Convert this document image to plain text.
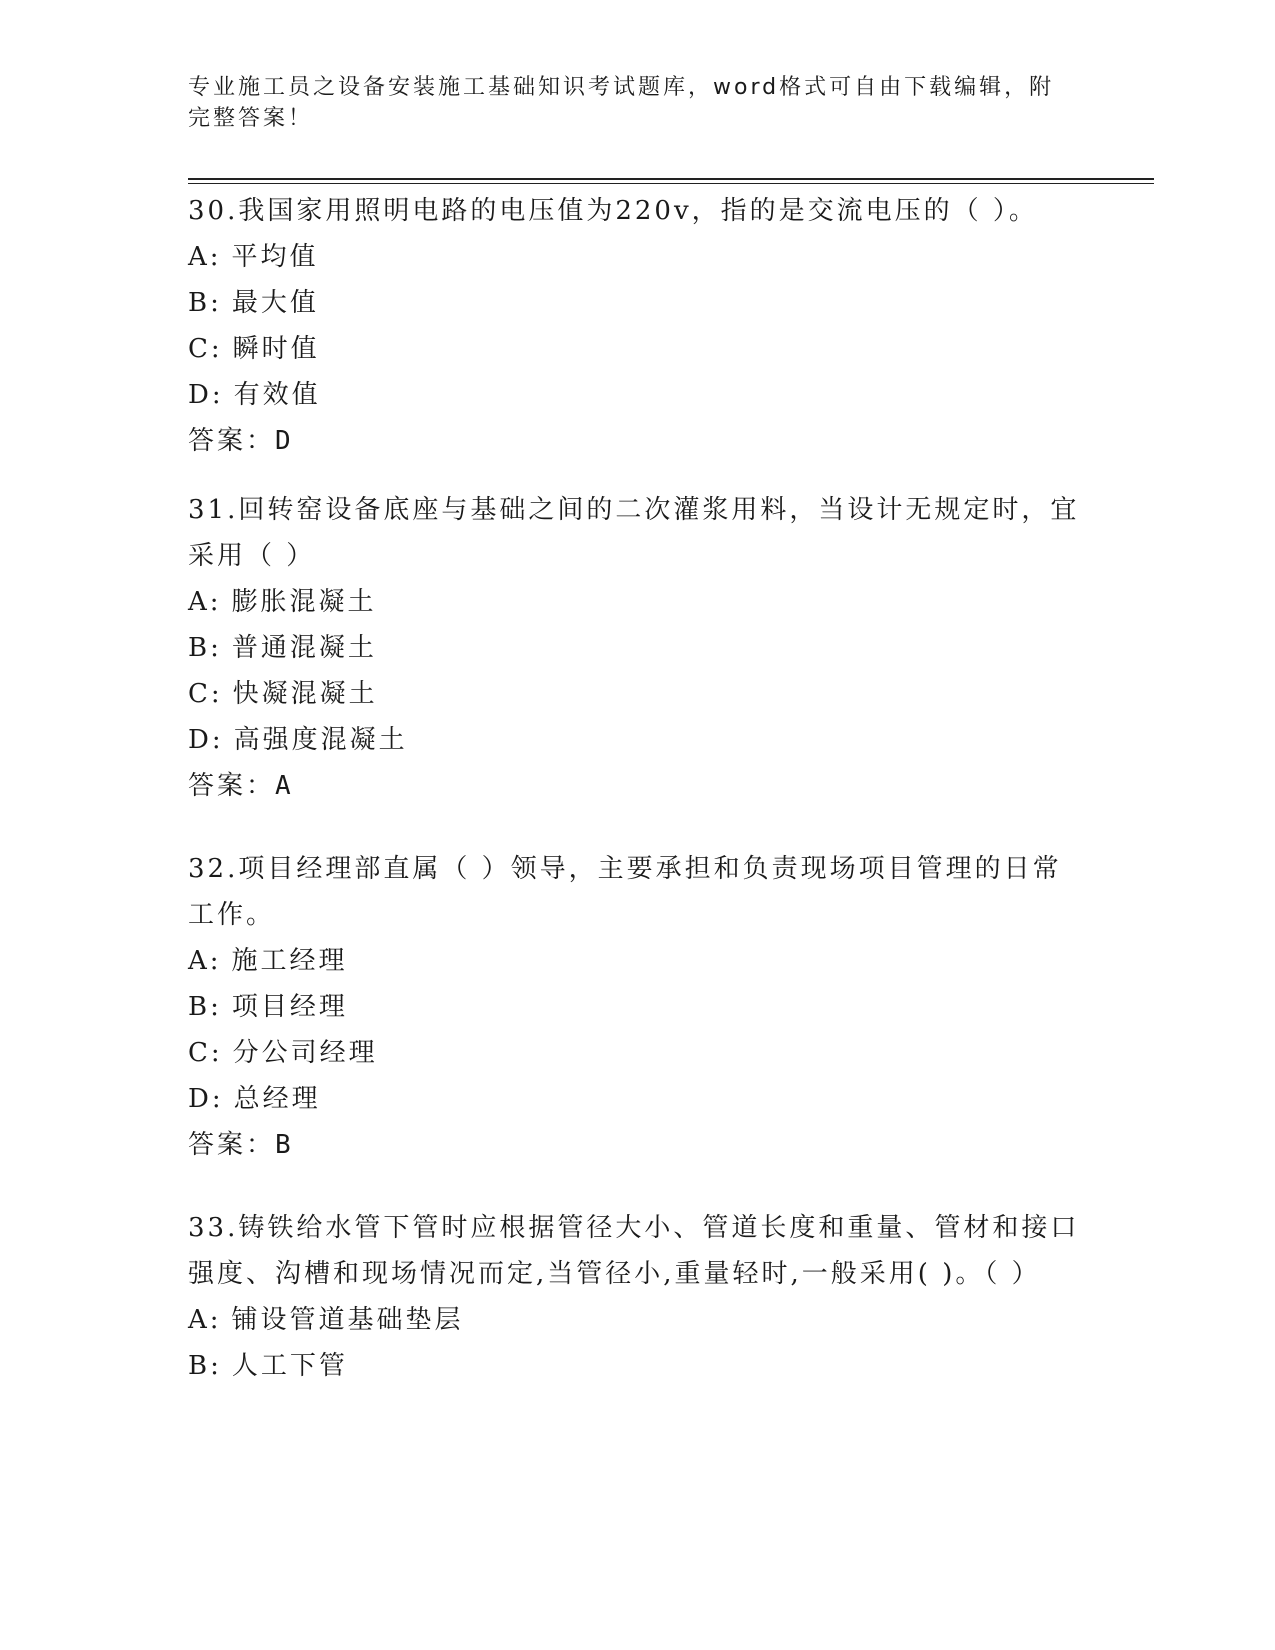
专业施工员之设备安装施工基础知识考试题库，word格式可自由下载编辑，附完整答案！

30.我国家用照明电路的电压值为220v，指的是交流电压的（ ）。

A: 平均值

B: 最大值

C: 瞬时值

D: 有效值

答案：D

31.回转窑设备底座与基础之间的二次灌浆用料，当设计无规定时，宜采用（ ）

A: 膨胀混凝土

B: 普通混凝土

C: 快凝混凝土

D: 高强度混凝土

答案：A

32.项目经理部直属（ ）领导，主要承担和负责现场项目管理的日常工作。

A: 施工经理

B: 项目经理

C: 分公司经理

D: 总经理

答案：B

33.铸铁给水管下管时应根据管径大小、管道长度和重量、管材和接口强度、沟槽和现场情况而定,当管径小,重量轻时,一般采用( )。（ ）

A: 铺设管道基础垫层

B: 人工下管
